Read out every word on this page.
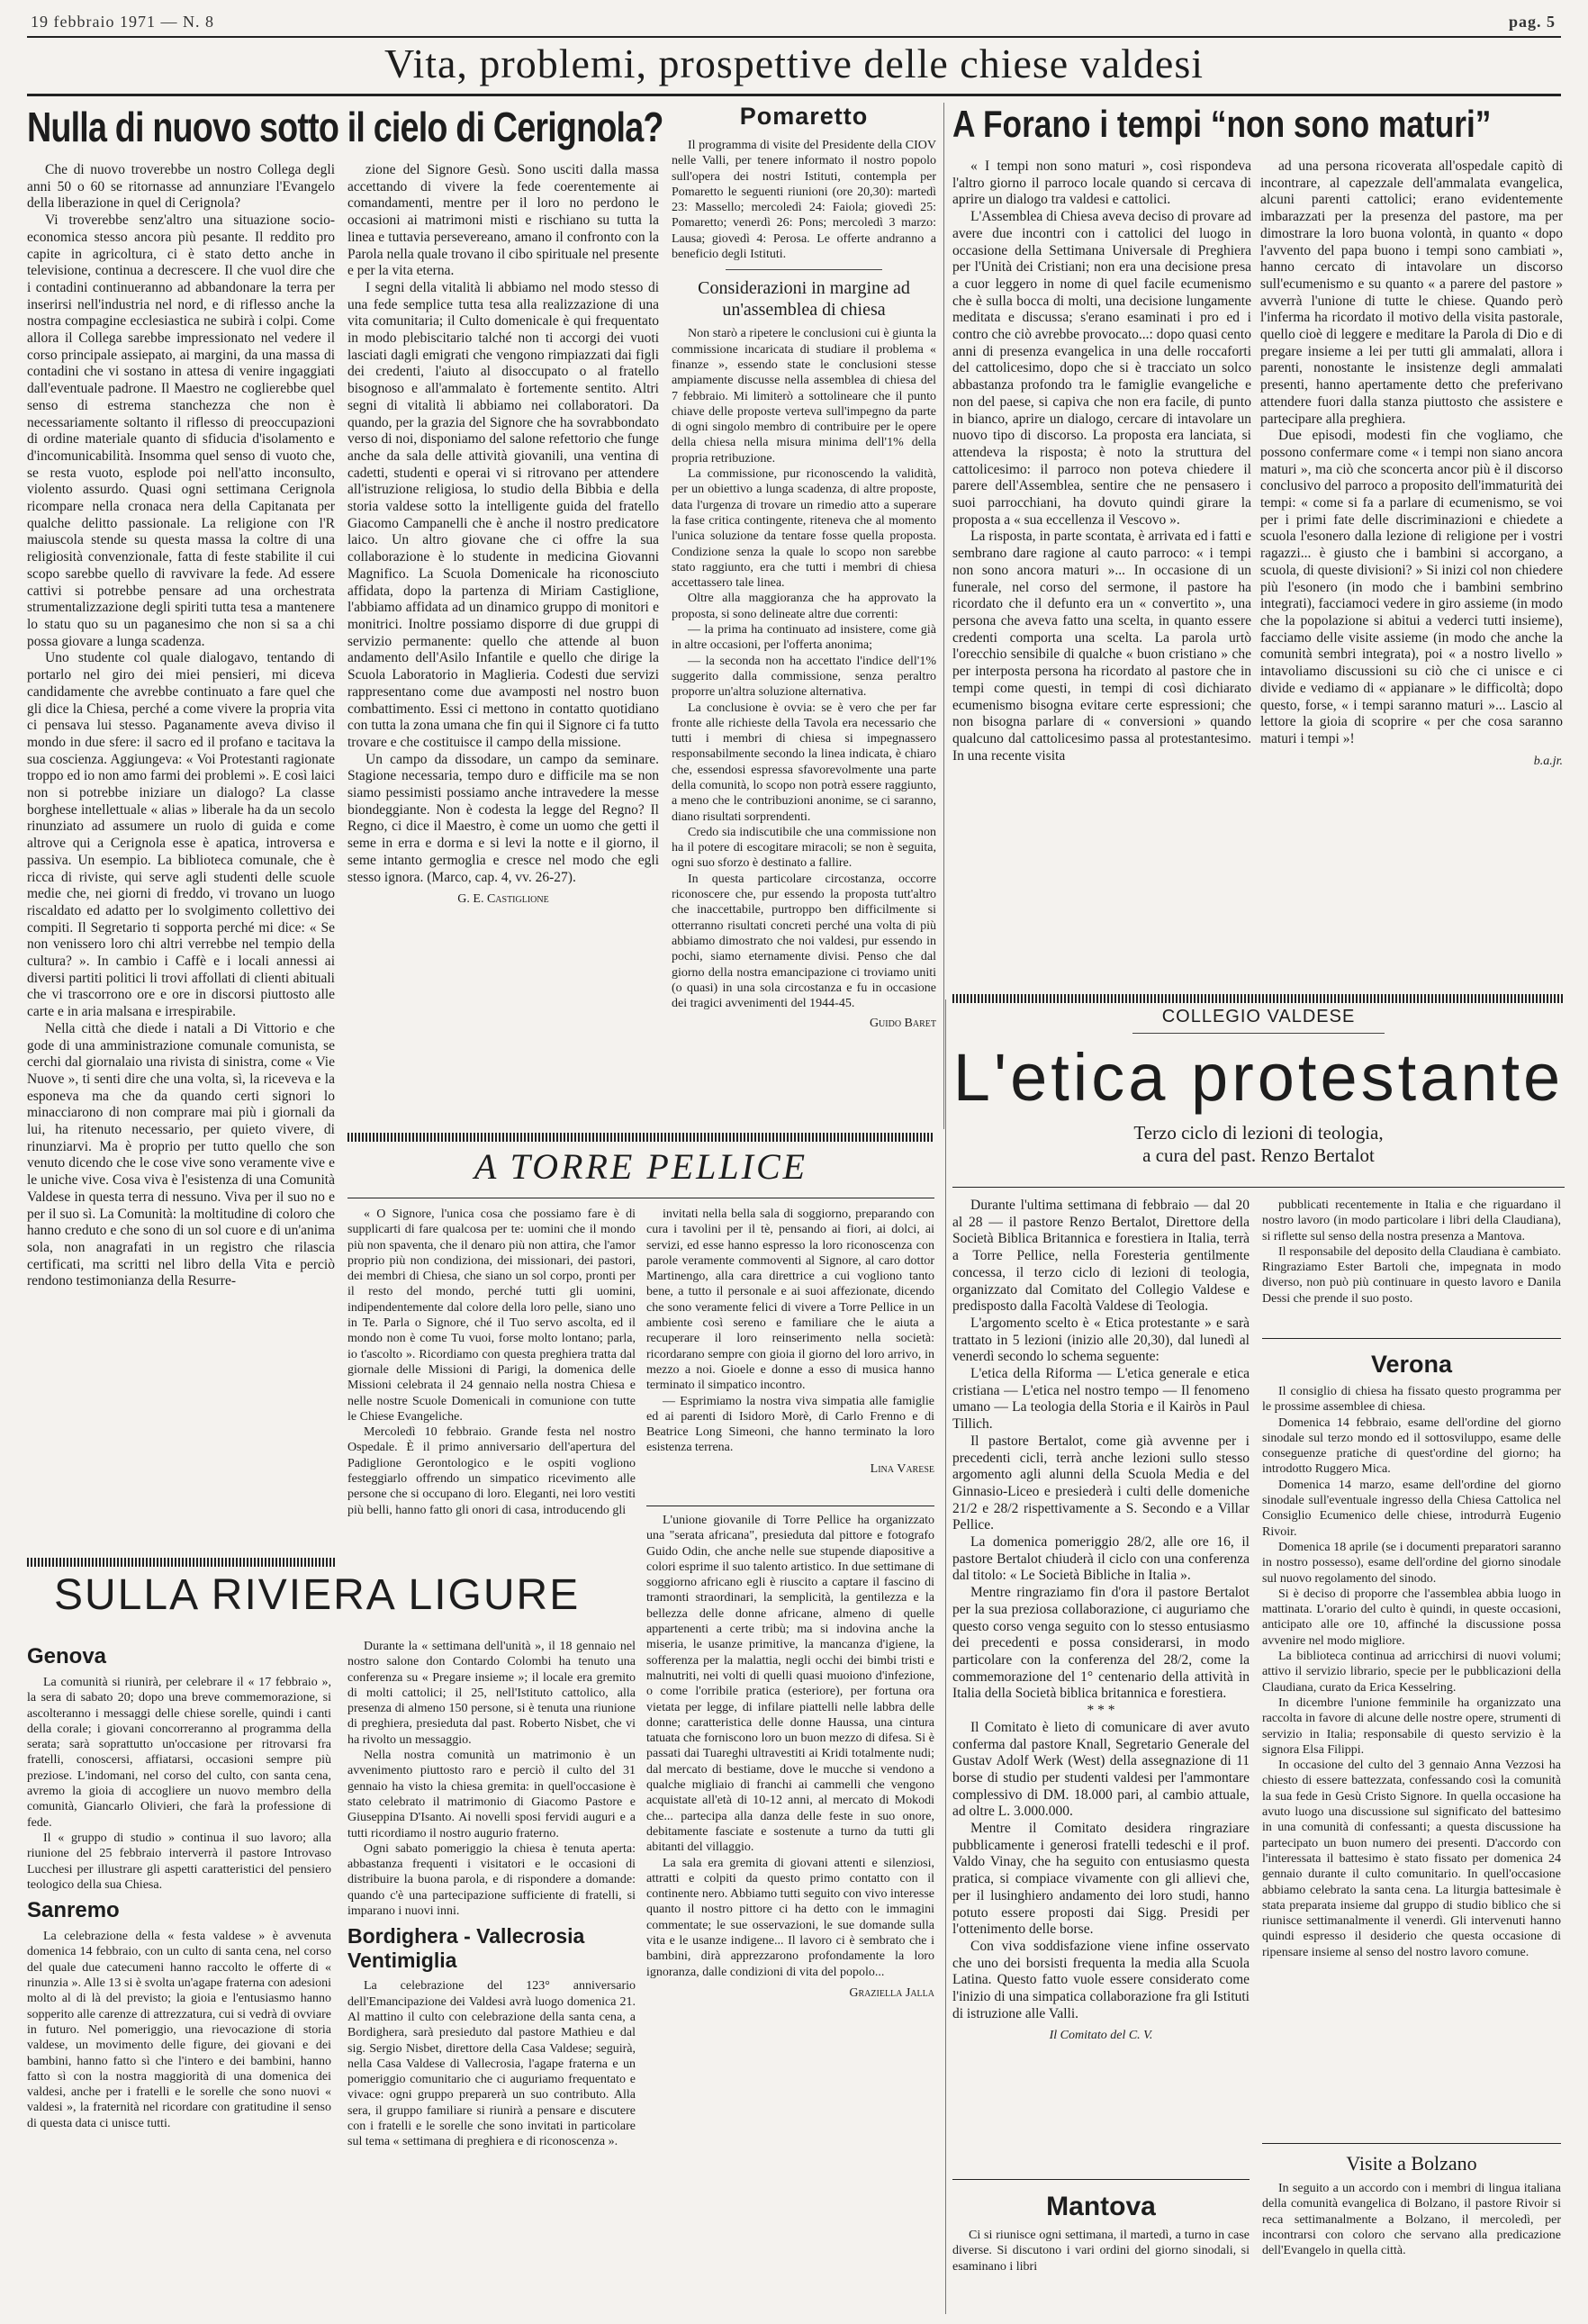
19 febbraio 1971 — N. 8	pag. 5
Vita, problemi, prospettive delle chiese valdesi
Nulla di nuovo sotto il cielo di Cerignola?

Che di nuovo troverebbe un nostro Collega degli anni 50 o 60 se ritornasse ad annunziare l'Evangelo della liberazione in quel di Cerignola?

Vi troverebbe senz'altro una situazione socio-economica stesso ancora più pesante. Il reddito pro capite in agricoltura, ci è stato detto anche in televisione, continua a decrescere. Il che vuol dire che i contadini continueranno ad abbandonare la terra per inserirsi nell'industria nel nord, e di riflesso anche la nostra compagine ecclesiastica ne subirà i colpi. Come allora il Collega sarebbe impressionato nel vedere il corso principale assiepato, ai margini, da una massa di contadini che vi sostano in attesa di venire ingaggiati dall'eventuale padrone. Il Maestro ne coglierebbe quel senso di estrema stanchezza che non è necessariamente soltanto il riflesso di preoccupazioni di ordine materiale quanto di sfiducia d'isolamento e d'incomunicabilità. Insomma quel senso di vuoto che, se resta vuoto, esplode poi nell'atto inconsulto, violento assurdo. Quasi ogni settimana Cerignola ricompare nella cronaca nera della Capitanata per qualche delitto passionale. La religione con l'R maiuscola stende su questa massa la coltre di una religiosità convenzionale, fatta di feste stabilite il cui scopo sarebbe quello di ravvivare la fede. Ad essere cattivi si potrebbe pensare ad una orchestrata strumentalizzazione degli spiriti tutta tesa a mantenere lo statu quo su un paganesimo che non si sa a chi possa giovare a lunga scadenza.

Uno studente col quale dialogavo, tentando di portarlo nel giro dei miei pensieri, mi diceva candidamente che avrebbe continuato a fare quel che gli dice la Chiesa, perché a come vivere la propria vita ci pensava lui stesso. Paganamente aveva diviso il mondo in due sfere: il sacro ed il profano e tacitava la sua coscienza. Aggiungeva: « Voi Protestanti ragionate troppo ed io non amo farmi dei problemi ». E così laici non si potrebbe iniziare un dialogo? La classe borghese intellettuale « alias » liberale ha da un secolo rinunziato ad assumere un ruolo di guida e come altrove qui a Cerignola esse è apatica, introversa e passiva. Un esempio. La biblioteca comunale, che è ricca di riviste, qui serve agli studenti delle scuole medie che, nei giorni di freddo, vi trovano un luogo riscaldato ed adatto per lo svolgimento collettivo dei compiti. Il Segretario ti sopporta perché mi dice: « Se non venissero loro chi altri verrebbe nel tempio della cultura? ». In cambio i Caffè e i locali annessi ai diversi partiti politici li trovi affollati di clienti abituali che vi trascorrono ore e ore in discorsi piuttosto alle carte e in aria malsana e irrespirabile.

Nella città che diede i natali a Di Vittorio e che gode di una amministrazione comunale comunista, se cerchi dal giornalaio una rivista di sinistra, come « Vie Nuove », ti senti dire che una volta, sì, la riceveva e la esponeva ma che da quando certi signori lo minacciarono di non comprare mai più i giornali da lui, ha ritenuto necessario, per quieto vivere, di rinunziarvi. Ma è proprio per tutto quello che son venuto dicendo che le cose vive sono veramente vive e le uniche vive. Cosa viva è l'esistenza di una Comunità Valdese in questa terra di nessuno. Viva per il suo no e per il suo sì. La Comunità: la moltitudine di coloro che hanno creduto e che sono di un sol cuore e di un'anima sola, non anagrafati in un registro che rilascia certificati, ma scritti nel libro della Vita e perciò rendono testimonianza della Resurre-

zione del Signore Gesù. Sono usciti dalla massa accettando di vivere la fede coerentemente ai comandamenti, mentre per il loro no perdono le occasioni ai matrimoni misti e rischiano su tutta la linea e tuttavia persevereano, amano il confronto con la Parola nella quale trovano il cibo spirituale nel presente e per la vita eterna.

I segni della vitalità li abbiamo nel modo stesso di una fede semplice tutta tesa alla realizzazione di una vita comunitaria; il Culto domenicale è qui frequentato in modo plebiscitario talché non ti accorgi dei vuoti lasciati dagli emigrati che vengono rimpiazzati dai figli dei credenti, l'aiuto al disoccupato o al fratello bisognoso e all'ammalato è fortemente sentito. Altri segni di vitalità li abbiamo nei collaboratori. Da quando, per la grazia del Signore che ha sovrabbondato verso di noi, disponiamo del salone refettorio che funge anche da sala delle attività giovanili, una ventina di cadetti, studenti e operai vi si ritrovano per attendere all'istruzione religiosa, lo studio della Bibbia e della storia valdese sotto la intelligente guida del fratello Giacomo Campanelli che è anche il nostro predicatore laico. Un altro giovane che ci offre la sua collaborazione è lo studente in medicina Giovanni Magnifico. La Scuola Domenicale ha riconosciuto affidata, dopo la partenza di Miriam Castiglione, l'abbiamo affidata ad un dinamico gruppo di monitori e monitrici. Inoltre possiamo disporre di due gruppi di servizio permanente: quello che attende al buon andamento dell'Asilo Infantile e quello che dirige la Scuola Laboratorio in Maglieria. Codesti due servizi rappresentano come due avamposti nel nostro buon combattimento. Essi ci mettono in contatto quotidiano con tutta la zona umana che fin qui il Signore ci fa tutto trovare e che costituisce il campo della missione.

Un campo da dissodare, un campo da seminare. Stagione necessaria, tempo duro e difficile ma se non siamo pessimisti possiamo anche intravedere la messe biondeggiante. Non è codesta la legge del Regno? Il Regno, ci dice il Maestro, è come un uomo che getti il seme in erra e dorma e si levi la notte e il giorno, il seme intanto germoglia e cresce nel modo che egli stesso ignora. (Marco, cap. 4, vv. 26-27).

G. E. Castiglione
Pomaretto

Il programma di visite del Presidente della CIOV nelle Valli, per tenere informato il nostro popolo sull'opera dei nostri Istituti, contempla per Pomaretto le seguenti riunioni (ore 20,30): martedì 23: Massello; mercoledì 24: Faiola; giovedì 25: Pomaretto; venerdì 26: Pons; mercoledì 3 marzo: Lausa; giovedì 4: Perosa. Le offerte andranno a beneficio degli Istituti.

Considerazioni in margine ad un'assemblea di chiesa

Non starò a ripetere le conclusioni cui è giunta la commissione incaricata di studiare il problema « finanze », essendo state le conclusioni stesse ampiamente discusse nella assemblea di chiesa del 7 febbraio. Mi limiterò a sottolineare che il punto chiave delle proposte verteva sull'impegno da parte di ogni singolo membro di contribuire per le opere della chiesa nella misura minima dell'1% della propria retribuzione.

La commissione, pur riconoscendo la validità, per un obiettivo a lunga scadenza, di altre proposte, data l'urgenza di trovare un rimedio atto a superare la fase critica contingente, riteneva che al momento l'unica soluzione da tentare fosse quella proposta. Condizione senza la quale lo scopo non sarebbe stato raggiunto, era che tutti i membri di chiesa accettassero tale linea.

Oltre alla maggioranza che ha approvato la proposta, si sono delineate altre due correnti:

— la prima ha continuato ad insistere, come già in altre occasioni, per l'offerta anonima;

— la seconda non ha accettato l'indice dell'1% suggerito dalla commissione, senza peraltro proporre un'altra soluzione alternativa.

La conclusione è ovvia: se è vero che per far fronte alle richieste della Tavola era necessario che tutti i membri di chiesa si impegnassero responsabilmente secondo la linea indicata, è chiaro che, essendosi espressa sfavorevolmente una parte della comunità, lo scopo non potrà essere raggiunto, a meno che le contribuzioni anonime, se ci saranno, diano risultati sorprendenti.

Credo sia indiscutibile che una commissione non ha il potere di escogitare miracoli; se non è seguita, ogni suo sforzo è destinato a fallire.

In questa particolare circostanza, occorre riconoscere che, pur essendo la proposta tutt'altro che inaccettabile, purtroppo ben difficilmente si otterranno risultati concreti perché una volta di più abbiamo dimostrato che noi valdesi, pur essendo in pochi, siamo eternamente divisi. Penso che dal giorno della nostra emancipazione ci troviamo uniti (o quasi) in una sola circostanza e fu in occasione dei tragici avvenimenti del 1944-45.

Guido Baret
A Forano i tempi “non sono maturi”

« I tempi non sono maturi », così rispondeva l'altro giorno il parroco locale quando si cercava di aprire un dialogo tra valdesi e cattolici.

L'Assemblea di Chiesa aveva deciso di provare ad avere due incontri con i cattolici del luogo in occasione della Settimana Universale di Preghiera per l'Unità dei Cristiani; non era una decisione presa a cuor leggero in nome di quel facile ecumenismo che è sulla bocca di molti, una decisione lungamente meditata e discussa; s'erano esaminati i pro ed i contro che ciò avrebbe provocato...: dopo quasi cento anni di presenza evangelica in una delle roccaforti del cattolicesimo, dopo che si è tracciato un solco abbastanza profondo tra le famiglie evangeliche e non del paese, si capiva che non era facile, di punto in bianco, aprire un dialogo, cercare di intavolare un nuovo tipo di discorso. La proposta era lanciata, si attendeva la risposta; è noto la struttura del cattolicesimo: il parroco non poteva chiedere il parere dell'Assemblea, sentire che ne pensasero i suoi parrocchiani, ha dovuto quindi girare la proposta a « sua eccellenza il Vescovo ».

La risposta, in parte scontata, è arrivata ed i fatti e sembrano dare ragione al cauto parroco: « i tempi non sono ancora maturi »... In occasione di un funerale, nel corso del sermone, il pastore ha ricordato che il defunto era un « convertito », una persona che aveva fatto una scelta, in quanto essere credenti comporta una scelta. La parola urtò l'orecchio sensibile di qualche « buon cristiano » che per interposta persona ha ricordato al pastore che in tempi come questi, in tempi di così dichiarato ecumenismo bisogna evitare certe espressioni; che non bisogna parlare di « conversioni » quando qualcuno dal cattolicesimo passa al protestantesimo. In una recente visita

ad una persona ricoverata all'ospedale capitò di incontrare, al capezzale dell'ammalata evangelica, alcuni parenti cattolici; erano evidentemente imbarazzati per la presenza del pastore, ma per dimostrare la loro buona volontà, in quanto « dopo l'avvento del papa buono i tempi sono cambiati », hanno cercato di intavolare un discorso sull'ecumenismo e su quanto « a parere del pastore » avverrà l'unione di tutte le chiese. Quando però l'inferma ha ricordato il motivo della visita pastorale, quello cioè di leggere e meditare la Parola di Dio e di pregare insieme a lei per tutti gli ammalati, allora i parenti, nonostante le insistenze degli ammalati presenti, hanno apertamente detto che preferivano attendere fuori dalla stanza piuttosto che assistere e partecipare alla preghiera.

Due episodi, modesti fin che vogliamo, che possono confermare come « i tempi non siano ancora maturi », ma ciò che sconcerta ancor più è il discorso conclusivo del parroco a proposito dell'immaturità dei tempi: « come si fa a parlare di ecumenismo, se voi per i primi fate delle discriminazioni e chiedete a scuola l'esonero dalla lezione di religione per i vostri ragazzi... è giusto che i bambini si accorgano, a scuola, di queste divisioni? » Si inizi col non chiedere più l'esonero (in modo che i bambini sembrino integrati), facciamoci vedere in giro assieme (in modo che la popolazione si abitui a vederci tutti insieme), facciamo delle visite assieme (in modo che anche la comunità sembri integrata), poi « a nostro livello » intavoliamo discussioni su ciò che ci unisce e ci divide e vediamo di « appianare » le difficoltà; dopo questo, forse, « i tempi saranno maturi »... Lascio al lettore la gioia di scoprire « per che cosa saranno maturi i tempi »!

b.a.jr.
COLLEGIO VALDESE
L'etica protestante
Terzo ciclo di lezioni di teologia,
a cura del past. Renzo Bertalot

Durante l'ultima settimana di febbraio — dal 20 al 28 — il pastore Renzo Bertalot, Direttore della Società Biblica Britannica e forestiera in Italia, terrà a Torre Pellice, nella Foresteria gentilmente concessa, il terzo ciclo di lezioni di teologia, organizzato dal Comitato del Collegio Valdese e predisposto dalla Facoltà Valdese di Teologia.

L'argomento scelto è « Etica protestante » e sarà trattato in 5 lezioni (inizio alle 20,30), dal lunedì al venerdì secondo lo schema seguente:

L'etica della Riforma — L'etica generale e etica cristiana — L'etica nel nostro tempo — Il fenomeno umano — La teologia della Storia e il Kairòs in Paul Tillich.

Il pastore Bertalot, come già avvenne per i precedenti cicli, terrà anche lezioni sullo stesso argomento agli alunni della Scuola Media e del Ginnasio-Liceo e presiederà i culti delle domeniche 21/2 e 28/2 rispettivamente a S. Secondo e a Villar Pellice.

La domenica pomeriggio 28/2, alle ore 16, il pastore Bertalot chiuderà il ciclo con una conferenza dal titolo: « Le Società Bibliche in Italia ».

Mentre ringraziamo fin d'ora il pastore Bertalot per la sua preziosa collaborazione, ci auguriamo che questo corso venga seguito con lo stesso entusiasmo dei precedenti e possa considerarsi, in modo particolare con la conferenza del 28/2, come la commemorazione del 1° centenario della attività in Italia della Società biblica britannica e forestiera.

* * *

Il Comitato è lieto di comunicare di aver avuto conferma dal pastore Knall, Segretario Generale del Gustav Adolf Werk (West) della assegnazione di 11 borse di studio per studenti valdesi per l'ammontare complessivo di DM. 18.000 pari, al cambio attuale, ad oltre L. 3.000.000.

Mentre il Comitato desidera ringraziare pubblicamente i generosi fratelli tedeschi e il prof. Valdo Vinay, che ha seguito con entusiasmo questa pratica, si compiace vivamente con gli allievi che, per il lusinghiero andamento dei loro studi, hanno potuto essere proposti dai Sigg. Presidi per l'ottenimento delle borse.

Con viva soddisfazione viene infine osservato che uno dei borsisti frequenta la media alla Scuola Latina. Questo fatto vuole essere considerato come l'inizio di una simpatica collaborazione fra gli Istituti di istruzione alle Valli.

Il Comitato del C. V.
Mantova

Ci si riunisce ogni settimana, il martedì, a turno in case diverse. Si discutono i vari ordini del giorno sinodali, si esaminano i libri

pubblicati recentemente in Italia e che riguardano il nostro lavoro (in modo particolare i libri della Claudiana), si riflette sul senso della nostra presenza a Mantova.

Il responsabile del deposito della Claudiana è cambiato. Ringraziamo Ester Bartoli che, impegnata in modo diverso, non può più continuare in questo lavoro e Danila Dessi che prende il suo posto.

Verona

Il consiglio di chiesa ha fissato questo programma per le prossime assemblee di chiesa.

Domenica 14 febbraio, esame dell'ordine del giorno sinodale sul terzo mondo ed il sottosviluppo, esame delle conseguenze pratiche di quest'ordine del giorno; ha introdotto Ruggero Mica.

Domenica 14 marzo, esame dell'ordine del giorno sinodale sull'eventuale ingresso della Chiesa Cattolica nel Consiglio Ecumenico delle chiese, introdurrà Eugenio Rivoir.

Domenica 18 aprile (se i documenti preparatori saranno in nostro possesso), esame dell'ordine del giorno sinodale sul nuovo regolamento del sinodo.

Si è deciso di proporre che l'assemblea abbia luogo in mattinata. L'orario del culto è quindi, in queste occasioni, anticipato alle ore 10, affinché la discussione possa avvenire nel modo migliore.

La biblioteca continua ad arricchirsi di nuovi volumi; attivo il servizio librario, specie per le pubblicazioni della Claudiana, curato da Erica Kesselring.

In dicembre l'unione femminile ha organizzato una raccolta in favore di alcune delle nostre opere, strumenti di servizio in Italia; responsabile di questo servizio è la signora Elsa Filippi.

In occasione del culto del 3 gennaio Anna Vezzosi ha chiesto di essere battezzata, confessando così la comunità la sua fede in Gesù Cristo Signore. In quella occasione ha avuto luogo una discussione sul significato del battesimo in una comunità di confessanti; a questa discussione ha partecipato un buon numero dei presenti. D'accordo con l'interessata il battesimo è stato fissato per domenica 24 gennaio durante il culto comunitario. In quell'occasione abbiamo celebrato la santa cena. La liturgia battesimale è stata preparata insieme dal gruppo di studio biblico che si riunisce settimanalmente il venerdì. Gli intervenuti hanno quindi espresso il desiderio che questa occasione di ripensare insieme al senso del nostro lavoro comune.

Visite a Bolzano

In seguito a un accordo con i membri di lingua italiana della comunità evangelica di Bolzano, il pastore Rivoir si reca settimanalmente a Bolzano, il mercoledì, per incontrarsi con coloro che servano alla predicazione dell'Evangelo in quella città.

A TORRE PELLICE

« O Signore, l'unica cosa che possiamo fare è di supplicarti di fare qualcosa per te: uomini che il mondo più non spaventa, che il denaro più non attira, che l'amor proprio più non condiziona, dei missionari, dei pastori, dei membri di Chiesa, che siano un sol corpo, pronti per il resto del mondo, perché tutti gli uomini, indipendentemente dal colore della loro pelle, siano uno in Te. Parla o Signore, ché il Tuo servo ascolta, ed il mondo non è come Tu vuoi, forse molto lontano; parla, io t'ascolto ». Ricordiamo con questa preghiera tratta dal giornale delle Missioni di Parigi, la domenica delle Missioni celebrata il 24 gennaio nella nostra Chiesa e nelle nostre Scuole Domenicali in comunione con tutte le Chiese Evangeliche.

Mercoledì 10 febbraio. Grande festa nel nostro Ospedale. È il primo anniversario dell'apertura del Padiglione Gerontologico e le ospiti vogliono festeggiarlo offrendo un simpatico ricevimento alle persone che si occupano di loro. Eleganti, nei loro vestiti più belli, hanno fatto gli onori di casa, introducendo gli

invitati nella bella sala di soggiorno, preparando con cura i tavolini per il tè, pensando ai fiori, ai dolci, ai servizi, ed esse hanno espresso la loro riconoscenza con parole veramente commoventi al Signore, al caro dottor Martinengo, alla cara direttrice a cui vogliono tanto bene, a tutto il personale e ai suoi affezionate, dicendo che sono veramente felici di vivere a Torre Pellice in un ambiente così sereno e familiare che le aiuta a recuperare il loro reinserimento nella società: ricordarano sempre con gioia il giorno del loro arrivo, in mezzo a noi. Gioele e donne a esso di musica hanno terminato il simpatico incontro.

— Esprimiamo la nostra viva simpatia alle famiglie ed ai parenti di Isidoro Morè, di Carlo Frenno e di Beatrice Long Simeoni, che hanno terminato la loro esistenza terrena.

Lina Varese

L'unione giovanile di Torre Pellice ha organizzato una "serata africana", presieduta dal pittore e fotografo Guido Odin, che anche nelle sue stupende diapositive a colori esprime il suo talento artistico. In due settimane di soggiorno africano egli è riuscito a captare il fascino di tramonti straordinari, la semplicità, la gentilezza e la bellezza delle donne africane, almeno di quelle appartenenti a certe tribù; ma si indovina anche la miseria, le usanze primitive, la mancanza d'igiene, la sofferenza per la malattia, negli occhi dei bimbi tristi e malnutriti, nei volti di quelli quasi muoiono d'infezione, o come l'orribile pratica (esteriore), per fortuna ora vietata per legge, di infilare piattelli nelle labbra delle donne; caratteristica delle donne Haussa, una cintura tatuata che forniscono loro un buon mezzo di difesa. Si è passati dai Tuareghi ultravestiti ai Kridi totalmente nudi; dal mercato di bestiame, dove le mucche si vendono a qualche migliaio di franchi ai cammelli che vengono acquistate all'età di 10-12 anni, al mercato di Mokodi che... partecipa alla danza delle feste in suo onore, debitamente fasciate e sostenute a turno da tutti gli abitanti del villaggio.

La sala era gremita di giovani attenti e silenziosi, attratti e colpiti da questo primo contatto con il continente nero. Abbiamo tutti seguito con vivo interesse quanto il nostro pittore ci ha detto con le immagini commentate; le sue osservazioni, le sue domande sulla vita e le usanze indigene... Il lavoro ci è sembrato che i bambini, dirà apprezzarono profondamente la loro ignoranza, dalle condizioni di vita del popolo...

Graziella Jalla
SULLA RIVIERA LIGURE
Genova

La comunità si riunirà, per celebrare il « 17 febbraio », la sera di sabato 20; dopo una breve commemorazione, si ascolteranno i messaggi delle chiese sorelle, quindi i canti della corale; i giovani concorreranno al programma della serata; sarà soprattutto un'occasione per ritrovarsi fra fratelli, conoscersi, affiatarsi, occasioni sempre più preziose. L'indomani, nel corso del culto, con santa cena, avremo la gioia di accogliere un nuovo membro della comunità, Giancarlo Olivieri, che farà la professione di fede.

Il « gruppo di studio » continua il suo lavoro; alla riunione del 25 febbraio interverrà il pastore Introvaso Lucchesi per illustrare gli aspetti caratteristici del pensiero teologico della sua Chiesa.

Sanremo

La celebrazione della « festa valdese » è avvenuta domenica 14 febbraio, con un culto di santa cena, nel corso del quale due catecumeni hanno raccolto le offerte di « rinunzia ». Alle 13 si è svolta un'agape fraterna con adesioni molto al di là del previsto; la gioia e l'entusiasmo hanno sopperito alle carenze di attrezzatura, cui si vedrà di ovviare in futuro. Nel pomeriggio, una rievocazione di storia valdese, un movimento delle figure, dei giovani e dei bambini, hanno fatto sì che l'intero e dei bambini, hanno fatto sì con la nostra maggiorità di una domenica dei valdesi, anche per i fratelli e le sorelle che sono nuovi « valdesi », la fraternità nel ricordare con gratitudine il senso di questa data ci unisce tutti.

Durante la « settimana dell'unità », il 18 gennaio nel nostro salone don Contardo Colombi ha tenuto una conferenza su « Pregare insieme »; il locale era gremito di molti cattolici; il 25, nell'Istituto cattolico, alla presenza di almeno 150 persone, si è tenuta una riunione di preghiera, presieduta dal past. Roberto Nisbet, che vi ha rivolto un messaggio.

Nella nostra comunità un matrimonio è un avvenimento piuttosto raro e perciò il culto del 31 gennaio ha visto la chiesa gremita: in quell'occasione è stato celebrato il matrimonio di Giacomo Pastore e Giuseppina D'Isanto. Ai novelli sposi fervidi auguri e a tutti ricordiamo il nostro augurio fraterno.

Ogni sabato pomeriggio la chiesa è tenuta aperta: abbastanza frequenti i visitatori e le occasioni di distribuire la buona parola, e di rispondere a domande: quando c'è una partecipazione sufficiente di fratelli, si imparano i nuovi inni.

Bordighera - Vallecrosia Ventimiglia

La celebrazione del 123° anniversario dell'Emancipazione dei Valdesi avrà luogo domenica 21. Al mattino il culto con celebrazione della santa cena, a Bordighera, sarà presieduto dal pastore Mathieu e dal sig. Sergio Nisbet, direttore della Casa Valdese; seguirà, nella Casa Valdese di Vallecrosia, l'agape fraterna e un pomeriggio comunitario che ci auguriamo frequentato e vivace: ogni gruppo preparerà un suo contributo. Alla sera, il gruppo familiare si riunirà a pensare e discutere con i fratelli e le sorelle che sono invitati in particolare sul tema « settimana di preghiera e di riconoscenza ».
